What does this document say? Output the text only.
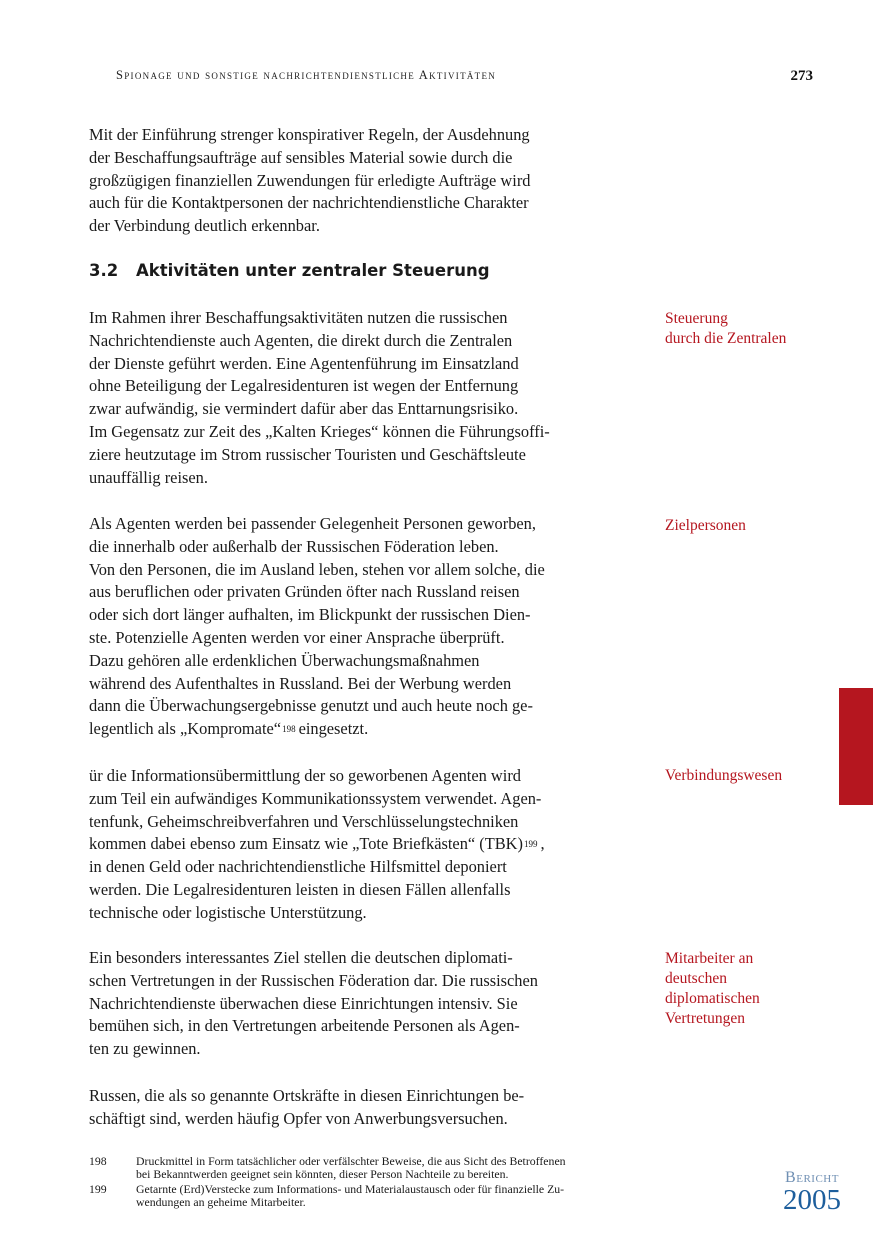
Spionage und sonstige nachrichtendienstliche Aktivitäten	273

Mit der Einführung strenger konspirativer Regeln, der Ausdehnung
der Beschaffungsaufträge auf sensibles Material sowie durch die
großzügigen finanziellen Zuwendungen für erledigte Aufträge wird
auch für die Kontaktpersonen der nachrichtendienstliche Charakter
der Verbindung deutlich erkennbar.

3.2 Aktivitäten unter zentraler Steuerung

Im Rahmen ihrer Beschaffungsaktivitäten nutzen die russischen
Nachrichtendienste auch Agenten, die direkt durch die Zentralen
der Dienste geführt werden. Eine Agentenführung im Einsatzland
ohne Beteiligung der Legalresidenturen ist wegen der Entfernung
zwar aufwändig, sie vermindert dafür aber das Enttarnungsrisiko.
Im Gegensatz zur Zeit des „Kalten Krieges“ können die Führungsoffi-
ziere heutzutage im Strom russischer Touristen und Geschäftsleute
unauffällig reisen.

Als Agenten werden bei passender Gelegenheit Personen geworben,
die innerhalb oder außerhalb der Russischen Föderation leben.
Von den Personen, die im Ausland leben, stehen vor allem solche, die
aus beruflichen oder privaten Gründen öfter nach Russland reisen
oder sich dort länger aufhalten, im Blickpunkt der russischen Dien-
ste. Potenzielle Agenten werden vor einer Ansprache überprüft.
Dazu gehören alle erdenklichen Überwachungsmaßnahmen
während des Aufenthaltes in Russland. Bei der Werbung werden
dann die Überwachungsergebnisse genutzt und auch heute noch ge-
legentlich als „Kompromate“$^{198}$ eingesetzt.

ür die Informationsübermittlung der so geworbenen Agenten wird
zum Teil ein aufwändiges Kommunikationssystem verwendet. Agen-
tenfunk, Geheimschreibverfahren und Verschlüsselungstechniken
kommen dabei ebenso zum Einsatz wie „Tote Briefkästen“ (TBK)$^{199}$ ,
in denen Geld oder nachrichtendienstliche Hilfsmittel deponiert
werden. Die Legalresidenturen leisten in diesen Fällen allenfalls
technische oder logistische Unterstützung.

Ein besonders interessantes Ziel stellen die deutschen diplomati-
schen Vertretungen in der Russischen Föderation dar. Die russischen
Nachrichtendienste überwachen diese Einrichtungen intensiv. Sie
bemühen sich, in den Vertretungen arbeitende Personen als Agen-
ten zu gewinnen.

Russen, die als so genannte Ortskräfte in diesen Einrichtungen be-
schäftigt sind, werden häufig Opfer von Anwerbungsversuchen.

Steuerung
durch die Zentralen
Zielpersonen
Verbindungswesen
Mitarbeiter an
deutschen
diplomatischen
Vertretungen
198	Druckmittel in Form tatsächlicher oder verfälschter Beweise, die aus Sicht des Betroffenen
bei Bekanntwerden geeignet sein könnten, dieser Person Nachteile zu bereiten.
199	Getarnte (Erd)Verstecke zum Informations- und Materialaustausch oder für finanzielle Zu-
wendungen an geheime Mitarbeiter.
Bericht
2005
